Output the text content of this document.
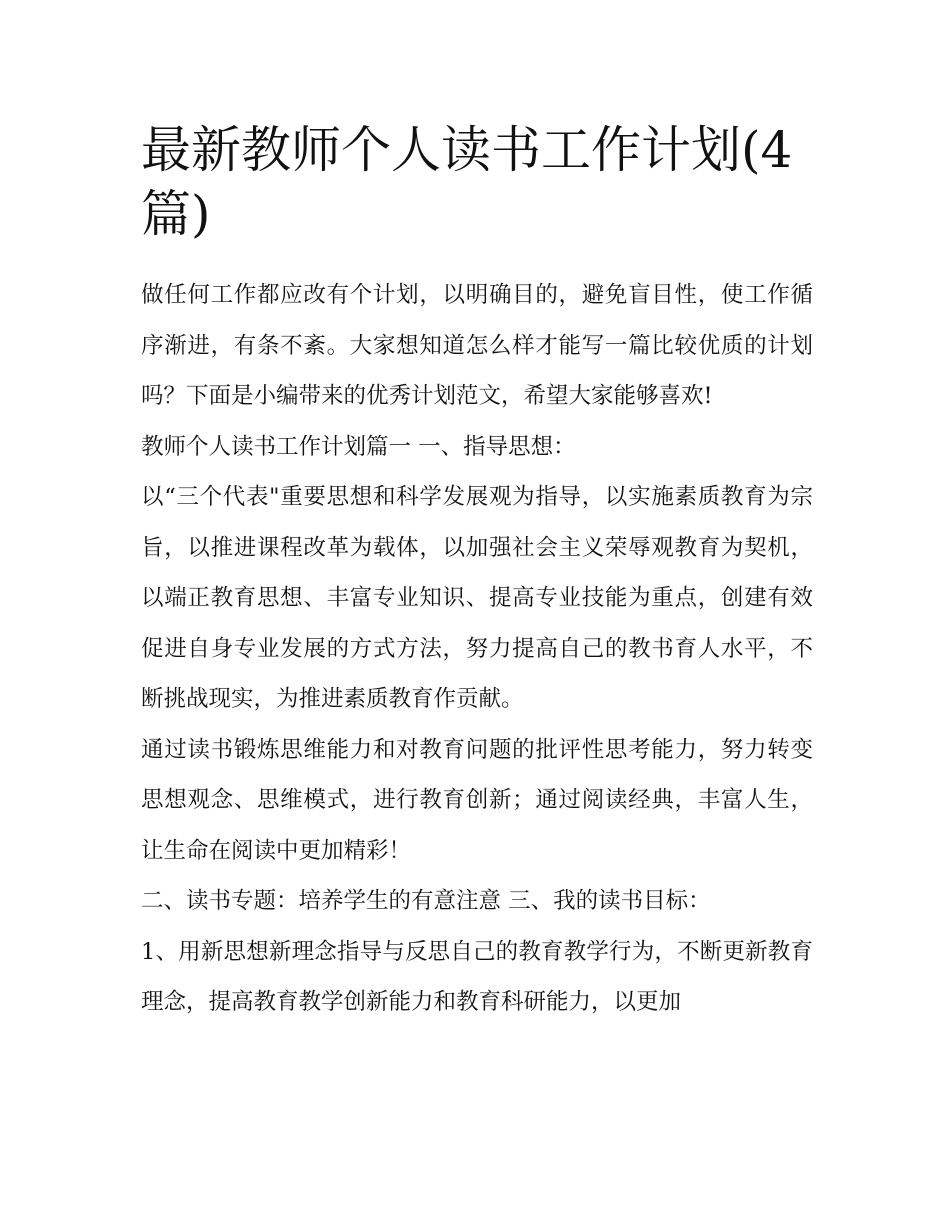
最新教师个人读书工作计划(4篇)

做任何工作都应改有个计划，以明确目的，避免盲目性，使工作循序渐进，有条不紊。大家想知道怎么样才能写一篇比较优质的计划吗？下面是小编带来的优秀计划范文，希望大家能够喜欢!

教师个人读书工作计划篇一 一、指导思想：

以“三个代表"重要思想和科学发展观为指导，以实施素质教育为宗旨，以推进课程改革为载体，以加强社会主义荣辱观教育为契机，以端正教育思想、丰富专业知识、提高专业技能为重点，创建有效促进自身专业发展的方式方法，努力提高自己的教书育人水平，不断挑战现实，为推进素质教育作贡献。

通过读书锻炼思维能力和对教育问题的批评性思考能力，努力转变思想观念、思维模式，进行教育创新；通过阅读经典，丰富人生，让生命在阅读中更加精彩！

二、读书专题：培养学生的有意注意 三、我的读书目标：

1、用新思想新理念指导与反思自己的教育教学行为，不断更新教育理念，提高教育教学创新能力和教育科研能力，以更加
